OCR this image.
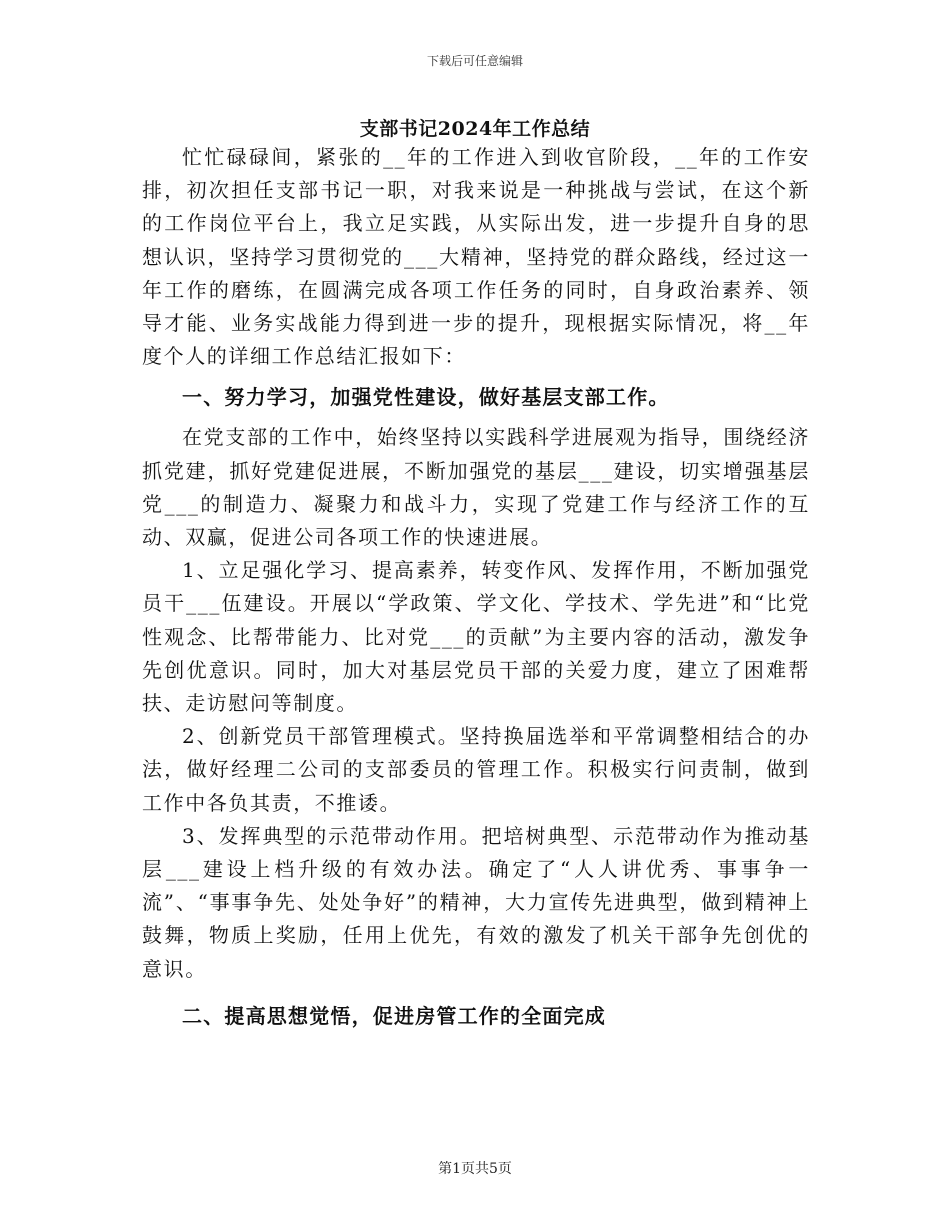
下载后可任意编辑
支部书记2024年工作总结

忙忙碌碌间，紧张的__年的工作进入到收官阶段，__年的工作安排，初次担任支部书记一职，对我来说是一种挑战与尝试，在这个新的工作岗位平台上，我立足实践，从实际出发，进一步提升自身的思想认识，坚持学习贯彻党的___大精神，坚持党的群众路线，经过这一年工作的磨练，在圆满完成各项工作任务的同时，自身政治素养、领导才能、业务实战能力得到进一步的提升，现根据实际情况，将__年度个人的详细工作总结汇报如下：

一、努力学习，加强党性建设，做好基层支部工作。

在党支部的工作中，始终坚持以实践科学进展观为指导，围绕经济抓党建，抓好党建促进展，不断加强党的基层___建设，切实增强基层党___的制造力、凝聚力和战斗力，实现了党建工作与经济工作的互动、双赢，促进公司各项工作的快速进展。

1、立足强化学习、提高素养，转变作风、发挥作用，不断加强党员干___伍建设。开展以“学政策、学文化、学技术、学先进”和“比党性观念、比帮带能力、比对党___的贡献”为主要内容的活动，激发争先创优意识。同时，加大对基层党员干部的关爱力度，建立了困难帮扶、走访慰问等制度。

2、创新党员干部管理模式。坚持换届选举和平常调整相结合的办法，做好经理二公司的支部委员的管理工作。积极实行问责制，做到工作中各负其责，不推诿。

3、发挥典型的示范带动作用。把培树典型、示范带动作为推动基层___建设上档升级的有效办法。确定了“人人讲优秀、事事争一流”、“事事争先、处处争好”的精神，大力宣传先进典型，做到精神上鼓舞，物质上奖励，任用上优先，有效的激发了机关干部争先创优的意识。

二、提高思想觉悟，促进房管工作的全面完成

第1页共5页
